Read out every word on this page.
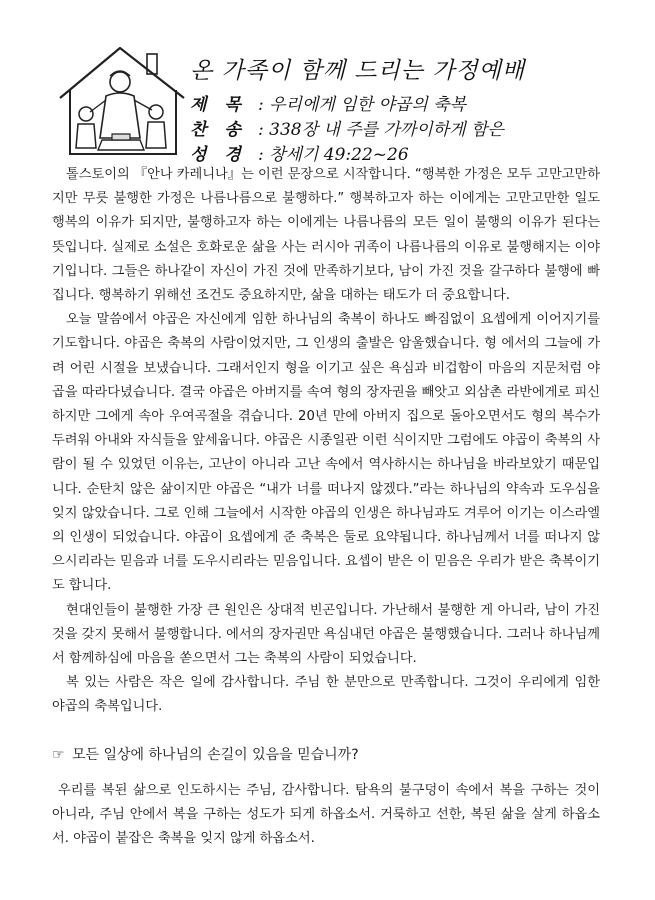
온 가족이 함께 드리는 가정예배
제 목 : 우리에게 임한 야곱의 축복
찬 송 : 338장 내 주를 가까이하게 함은
성 경 : 창세기 49:22~26

톨스토이의 『안나 카레니나』는 이런 문장으로 시작합니다. “행복한 가정은 모두 고만고만하지만 무릇 불행한 가정은 나름나름으로 불행하다.” 행복하고자 하는 이에게는 고만고만한 일도 행복의 이유가 되지만, 불행하고자 하는 이에게는 나름나름의 모든 일이 불행의 이유가 된다는 뜻입니다. 실제로 소설은 호화로운 삶을 사는 러시아 귀족이 나름나름의 이유로 불행해지는 이야기입니다. 그들은 하나같이 자신이 가진 것에 만족하기보다, 남이 가진 것을 갈구하다 불행에 빠집니다. 행복하기 위해선 조건도 중요하지만, 삶을 대하는 태도가 더 중요합니다.

오늘 말씀에서 야곱은 자신에게 임한 하나님의 축복이 하나도 빠짐없이 요셉에게 이어지기를 기도합니다. 야곱은 축복의 사람이었지만, 그 인생의 출발은 암울했습니다. 형 에서의 그늘에 가려 어린 시절을 보냈습니다. 그래서인지 형을 이기고 싶은 욕심과 비겁함이 마음의 지문처럼 야곱을 따라다녔습니다. 결국 야곱은 아버지를 속여 형의 장자권을 빼앗고 외삼촌 라반에게로 피신 하지만 그에게 속아 우여곡절을 겪습니다. 20년 만에 아버지 집으로 돌아오면서도 형의 복수가 두려워 아내와 자식들을 앞세웁니다. 야곱은 시종일관 이런 식이지만 그럼에도 야곱이 축복의 사람이 될 수 있었던 이유는, 고난이 아니라 고난 속에서 역사하시는 하나님을 바라보았기 때문입니다. 순탄치 않은 삶이지만 야곱은 “내가 너를 떠나지 않겠다.”라는 하나님의 약속과 도우심을 잊지 않았습니다. 그로 인해 그늘에서 시작한 야곱의 인생은 하나님과도 겨루어 이기는 이스라엘의 인생이 되었습니다. 야곱이 요셉에게 준 축복은 둘로 요약됩니다. 하나님께서 너를 떠나지 않으시리라는 믿음과 너를 도우시리라는 믿음입니다. 요셉이 받은 이 믿음은 우리가 받은 축복이기도 합니다.

현대인들이 불행한 가장 큰 원인은 상대적 빈곤입니다. 가난해서 불행한 게 아니라, 남이 가진 것을 갖지 못해서 불행합니다. 에서의 장자권만 욕심내던 야곱은 불행했습니다. 그러나 하나님께서 함께하심에 마음을 쏟으면서 그는 축복의 사람이 되었습니다.

복 있는 사람은 작은 일에 감사합니다. 주님 한 분만으로 만족합니다. 그것이 우리에게 임한 야곱의 축복입니다.

☞ 모든 일상에 하나님의 손길이 있음을 믿습니까?

우리를 복된 삶으로 인도하시는 주님, 감사합니다. 탐욕의 불구덩이 속에서 복을 구하는 것이 아니라, 주님 안에서 복을 구하는 성도가 되게 하옵소서. 거룩하고 선한, 복된 삶을 살게 하옵소서. 야곱이 붙잡은 축복을 잊지 않게 하옵소서.
